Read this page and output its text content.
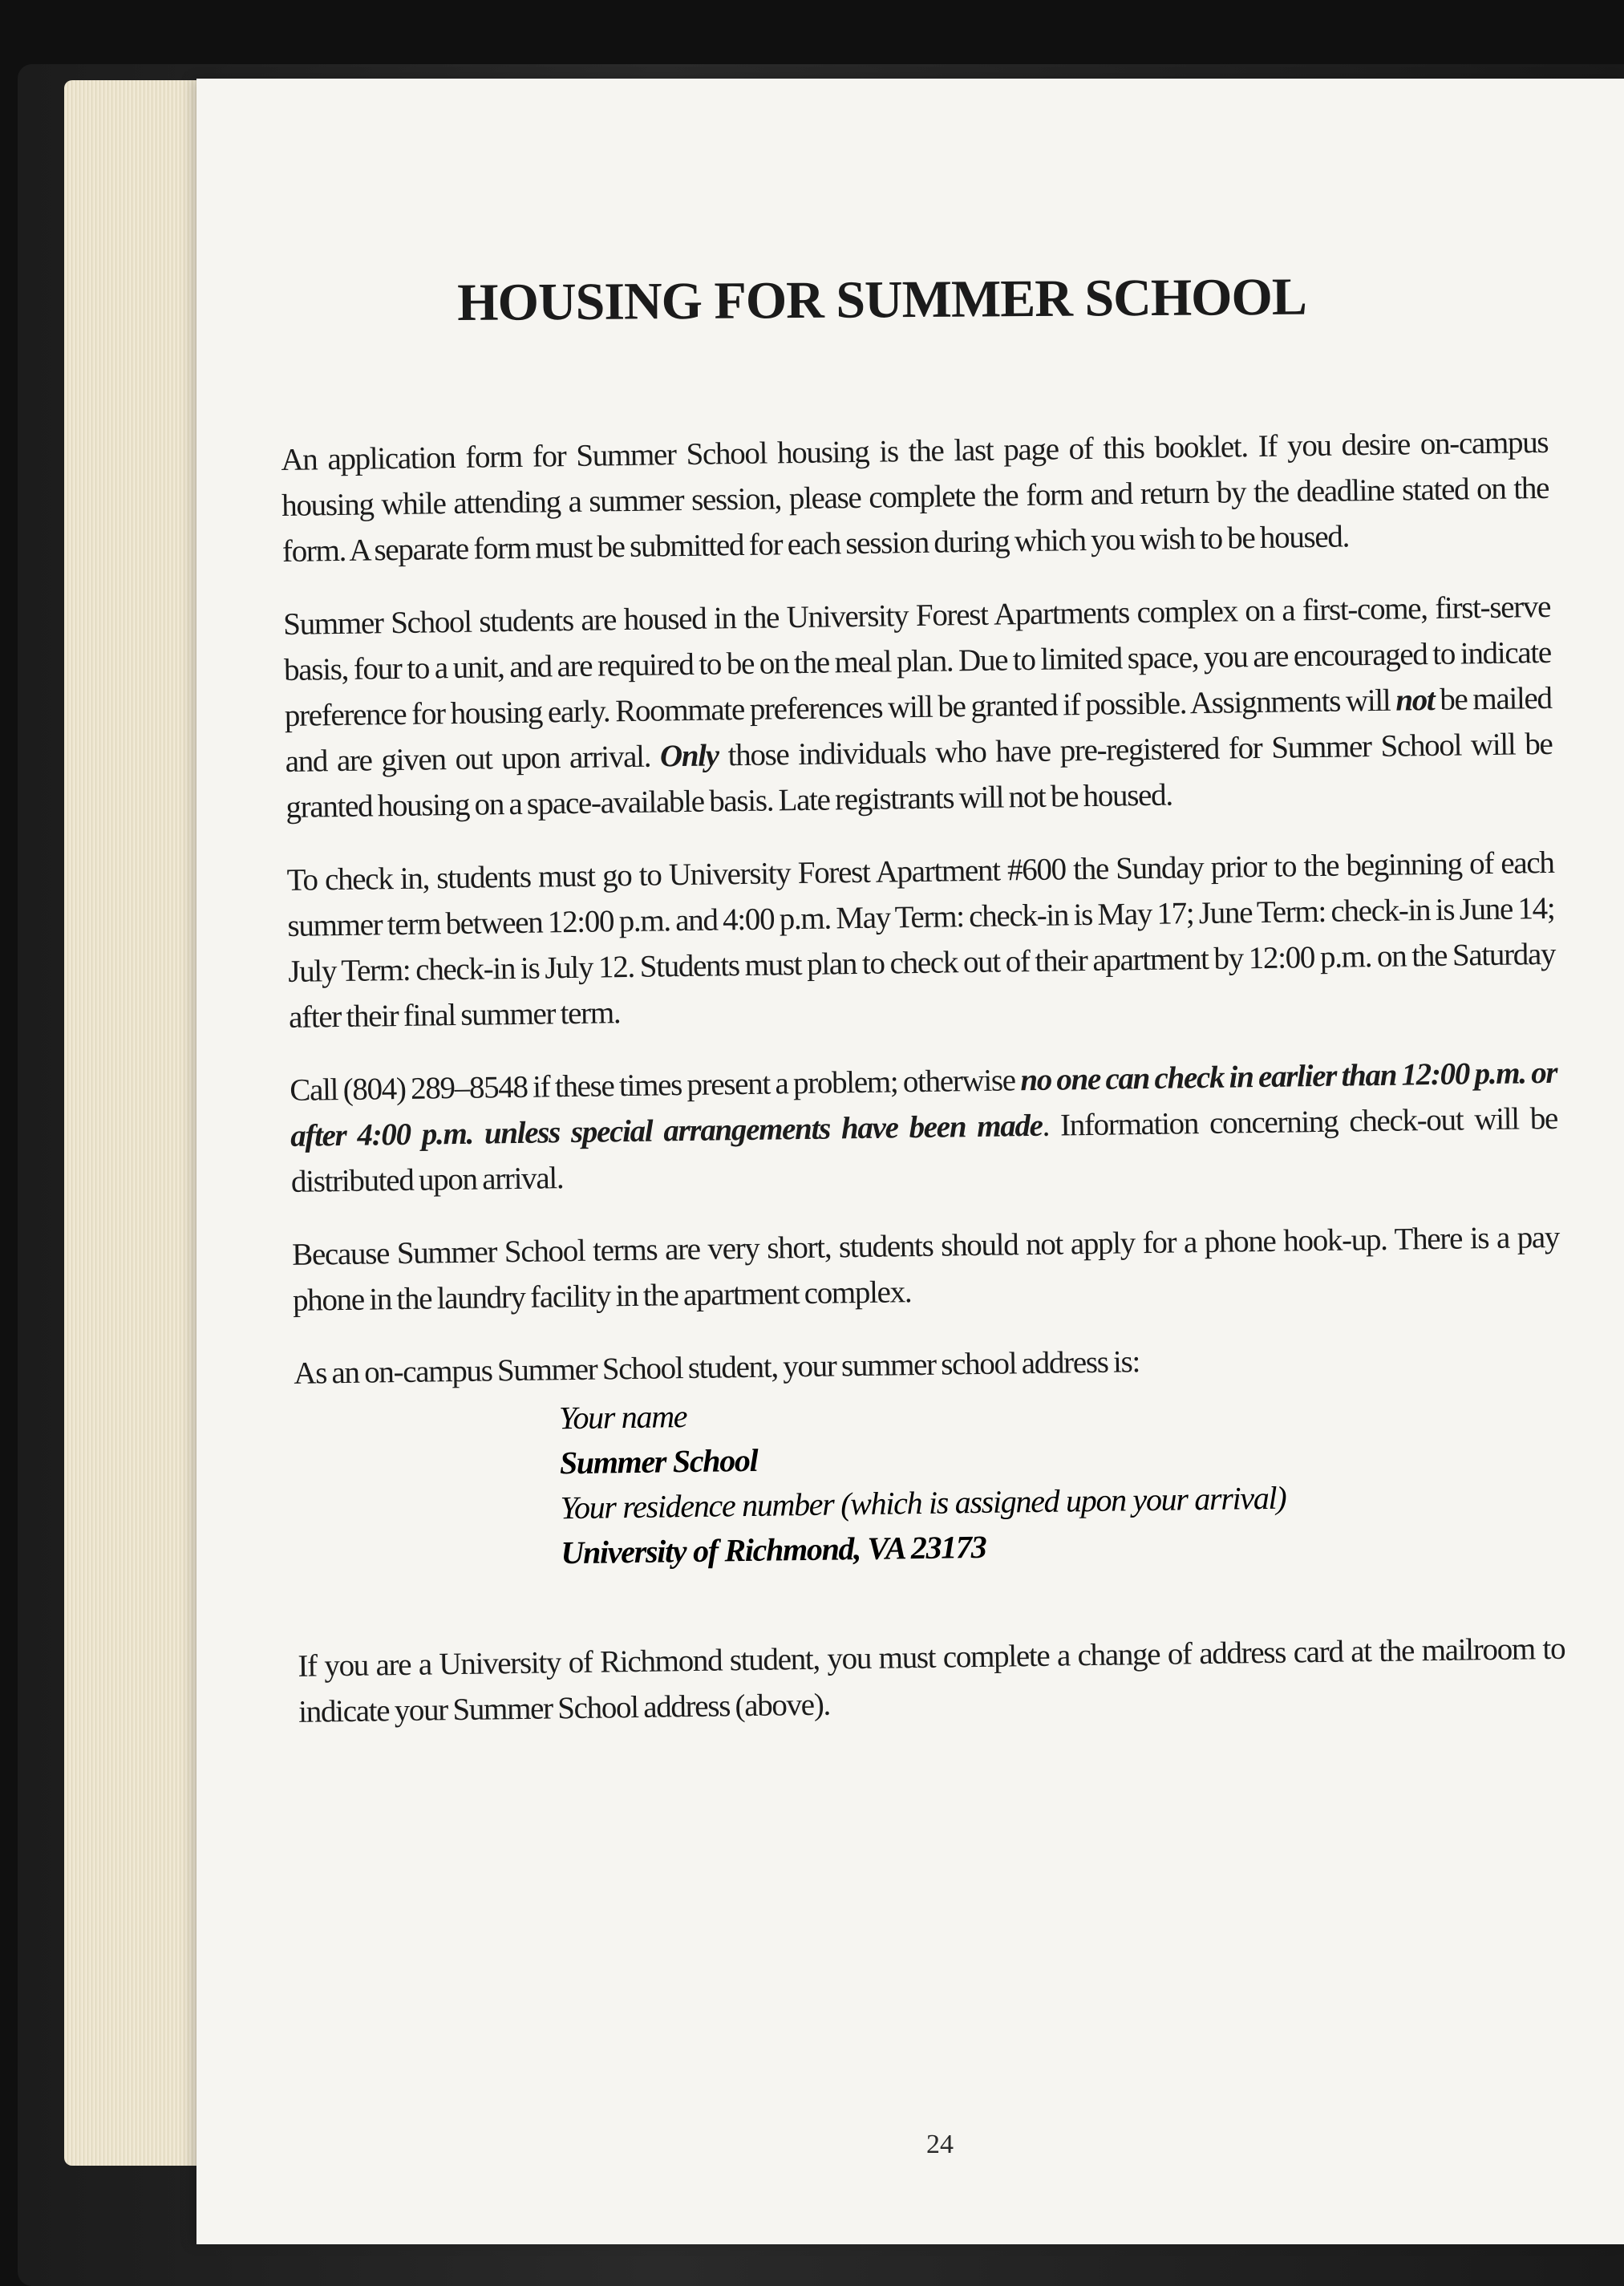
HOUSING FOR SUMMER SCHOOL

An application form for Summer School housing is the last page of this booklet. If you desire on-campus housing while attending a summer session, please complete the form and return by the deadline stated on the form. A separate form must be submitted for each session during which you wish to be housed.

Summer School students are housed in the University Forest Apartments complex on a first-come, first-serve basis, four to a unit, and are required to be on the meal plan. Due to limited space, you are encouraged to indicate preference for housing early. Roommate preferences will be granted if possible. Assignments will not be mailed and are given out upon arrival. Only those individuals who have pre-registered for Summer School will be granted housing on a space-available basis. Late registrants will not be housed.

To check in, students must go to University Forest Apartment #600 the Sunday prior to the beginning of each summer term between 12:00 p.m. and 4:00 p.m. May Term: check-in is May 17; June Term: check-in is June 14; July Term: check-in is July 12. Students must plan to check out of their apartment by 12:00 p.m. on the Saturday after their final summer term.

Call (804) 289–8548 if these times present a problem; otherwise no one can check in earlier than 12:00 p.m. or after 4:00 p.m. unless special arrangements have been made. Information concerning check-out will be distributed upon arrival.

Because Summer School terms are very short, students should not apply for a phone hook-up. There is a pay phone in the laundry facility in the apartment complex.

As an on-campus Summer School student, your summer school address is:

Your name
Summer School
Your residence number (which is assigned upon your arrival)
University of Richmond, VA 23173

If you are a University of Richmond student, you must complete a change of address card at the mailroom to indicate your Summer School address (above).

24
